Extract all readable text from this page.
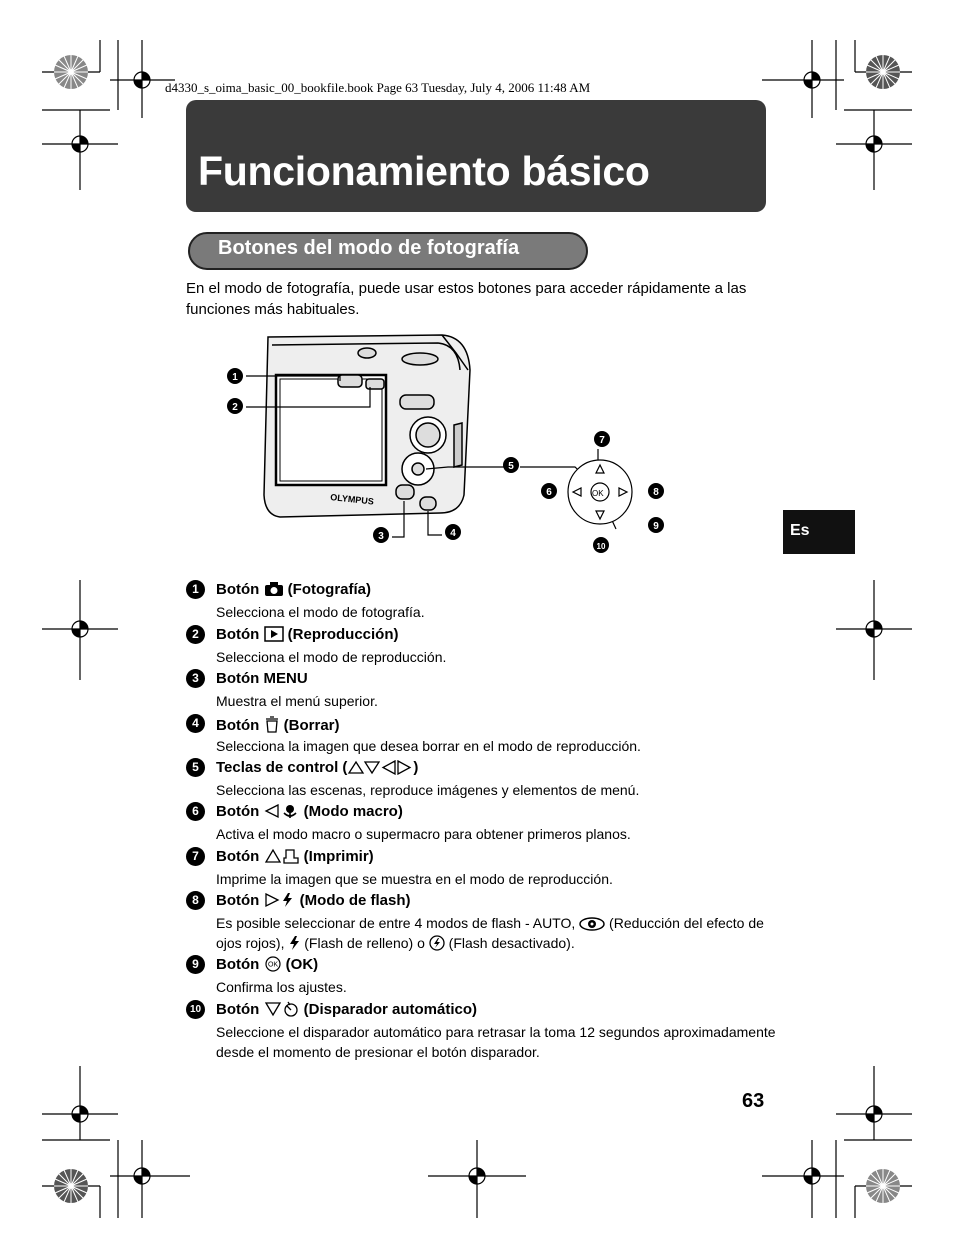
d4330_s_oima_basic_00_bookfile.book Page 63 Tuesday, July 4, 2006 11:48 AM
Funcionamiento básico
Botones del modo de fotografía
En el modo de fotografía, puede usar estos botones para acceder rápidamente a las funciones más habituales.
Es
OLYMPUS	OK
1
2
3	4
5
6
7
8
9
10
1	Botón (Fotografía)
Selecciona el modo de fotografía.
2	Botón (Reproducción)
Selecciona el modo de reproducción.
3	Botón MENU
Muestra el menú superior.
4	Botón (Borrar)
Selecciona la imagen que desea borrar en el modo de reproducción.
5	Teclas de control (	)
Selecciona las escenas, reproduce imágenes y elementos de menú.
6	Botón	(Modo macro)
Activa el modo macro o supermacro para obtener primeros planos.
7	Botón	(Imprimir)
Imprime la imagen que se muestra en el modo de reproducción.
8	Botón	(Modo de flash)
Es posible seleccionar de entre 4 modos de flash - AUTO, (Reducción del efecto de ojos rojos), (Flash de relleno) o (Flash desactivado).
9	Botón OK (OK)
Confirma los ajustes.
10 Botón	(Disparador automático)
Seleccione el disparador automático para retrasar la toma 12 segundos aproximadamente desde el momento de presionar el botón disparador.
63
